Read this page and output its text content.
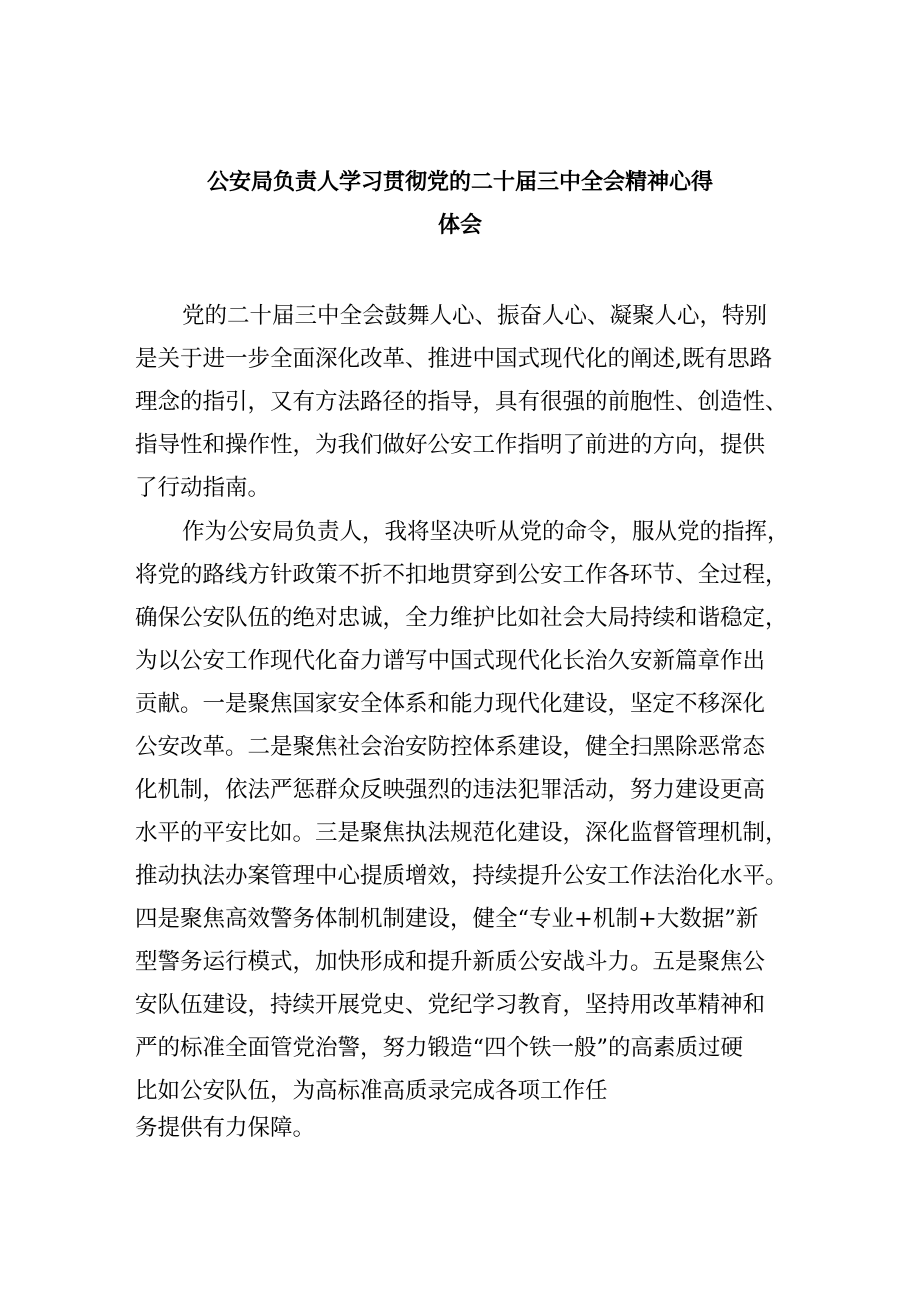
公安局负责人学习贯彻党的二十届三中全会精神心得
体会
党的二十届三中全会鼓舞人心、振奋人心、凝聚人心，特别
是关于进一步全面深化改革、推进中国式现代化的阐述,既有思路
理念的指引，又有方法路径的指导，具有很强的前胞性、创造性、
指导性和操作性，为我们做好公安工作指明了前进的方向，提供
了行动指南。
作为公安局负责人，我将坚决听从党的命令，服从党的指挥，
将党的路线方针政策不折不扣地贯穿到公安工作各环节、全过程，
确保公安队伍的绝对忠诚，全力维护比如社会大局持续和谐稳定，
为以公安工作现代化奋力谱写中国式现代化长治久安新篇章作出
贡献。一是聚焦国家安全体系和能力现代化建设，坚定不移深化
公安改革。二是聚焦社会治安防控体系建设，健全扫黑除恶常态
化机制，依法严惩群众反映强烈的违法犯罪活动，努力建设更高
水平的平安比如。三是聚焦执法规范化建设，深化监督管理机制，
推动执法办案管理中心提质增效，持续提升公安工作法治化水平。
四是聚焦高效警务体制机制建设，健全“专业+机制+大数据”新
型警务运行模式，加快形成和提升新质公安战斗力。五是聚焦公
安队伍建设，持续开展党史、党纪学习教育，坚持用改革精神和
严的标准全面管党治警，努力锻造“四个铁一般”的高素质过硬
比如公安队伍，为高标准高质录完成各项工作任
务提供有力保障。
